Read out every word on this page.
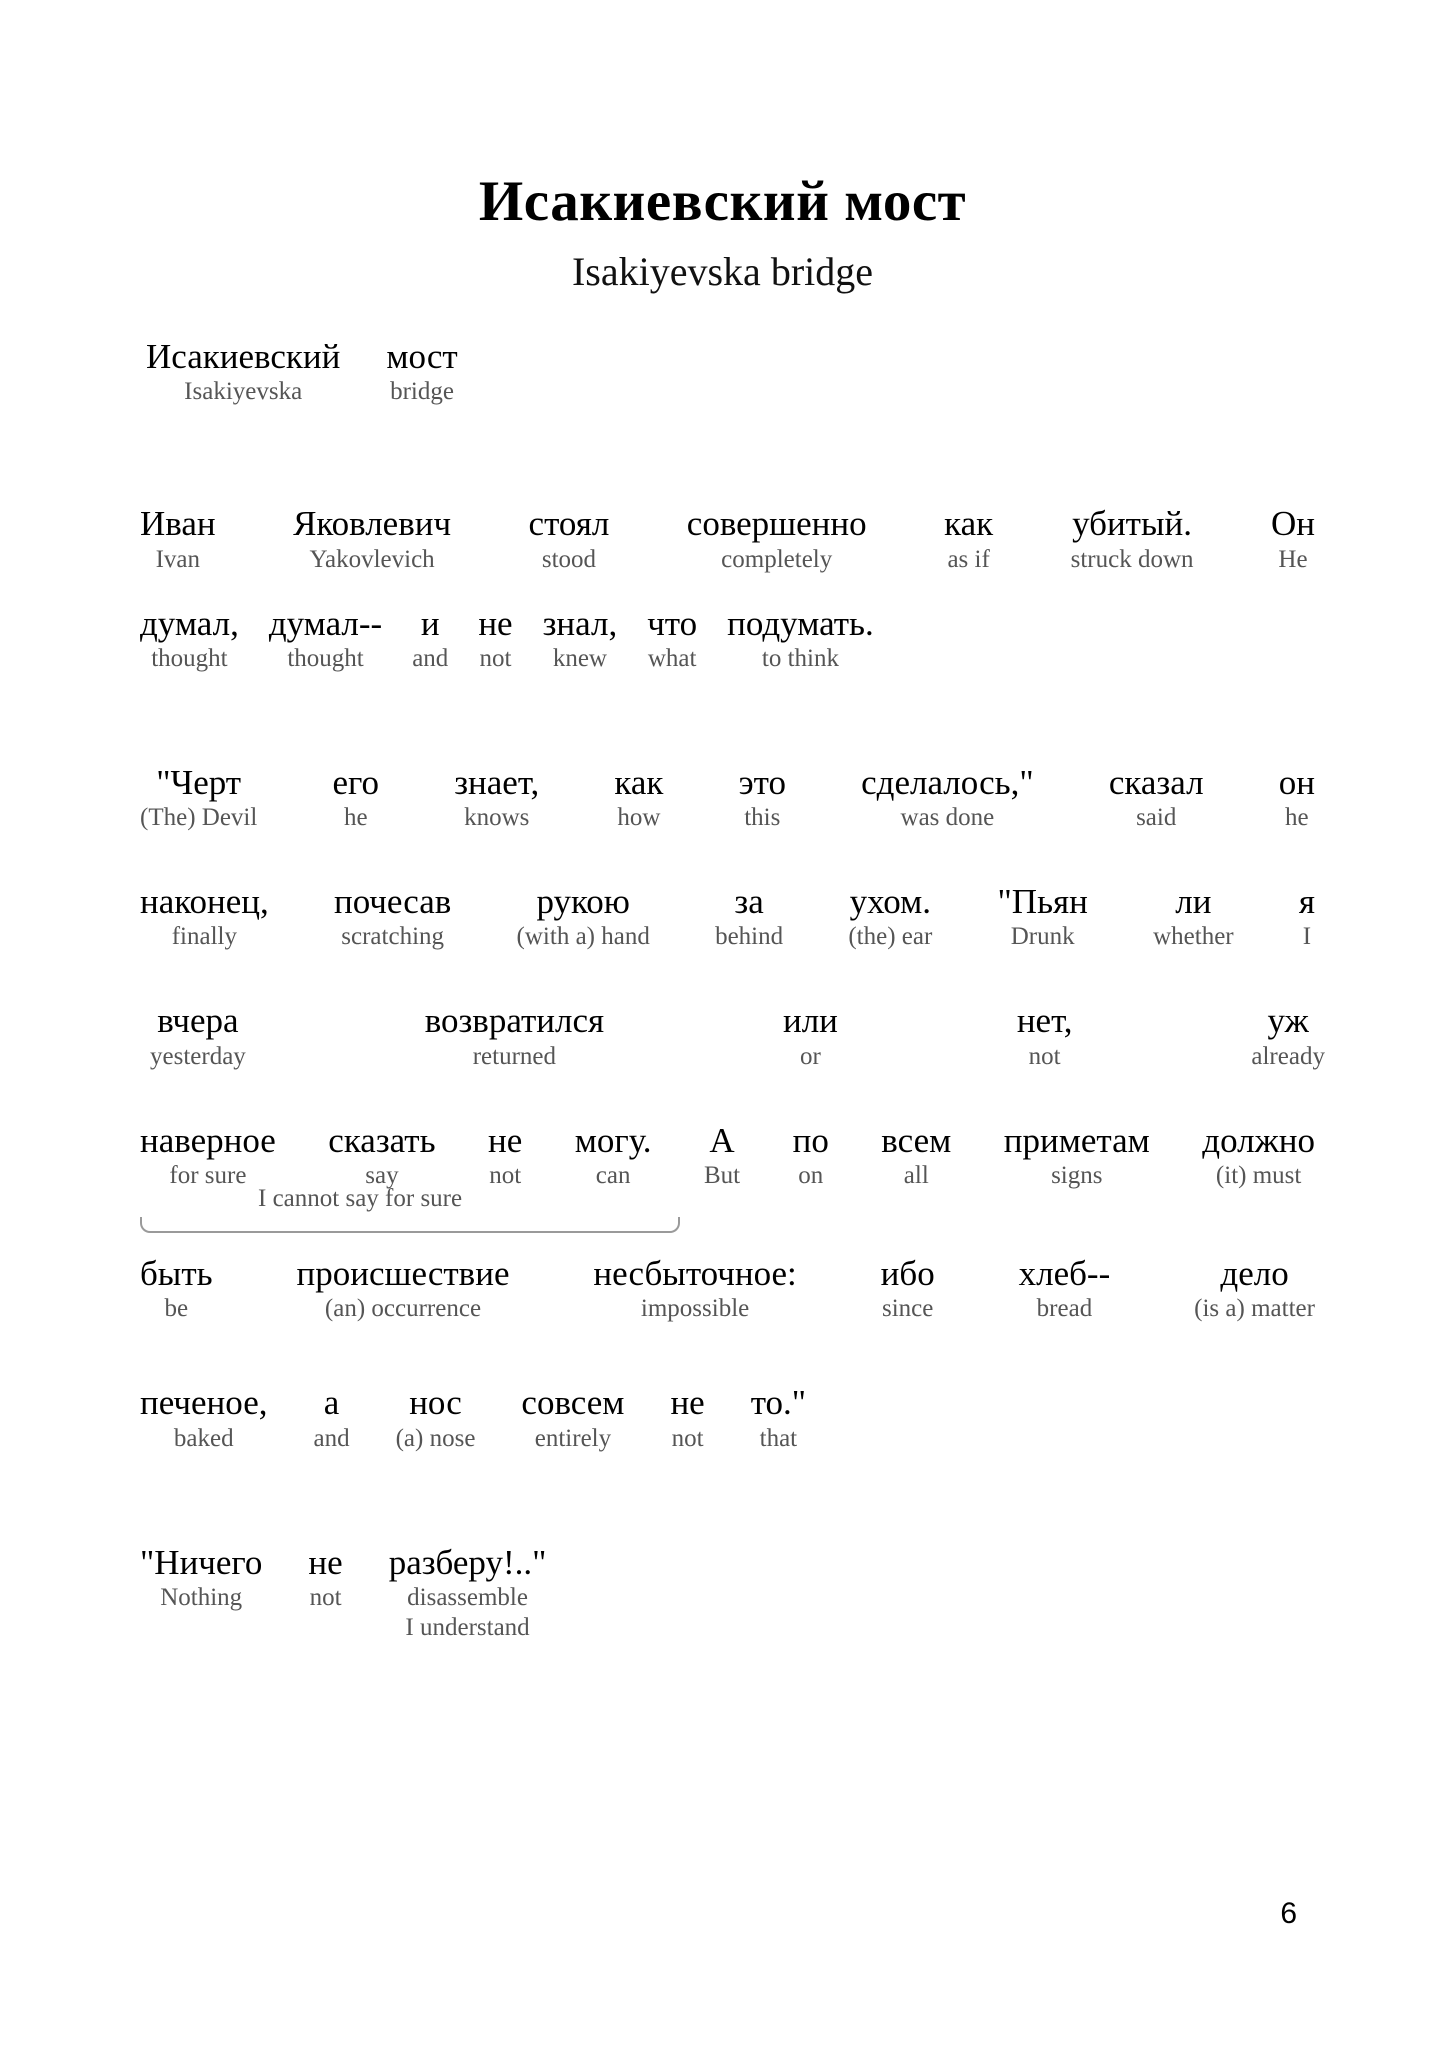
Исакиевский мост
Isakiyevska bridge
Исакиевский
Isakiyevska
мост
bridge
Иван
Ivan
Яковлевич
Yakovlevich
стоял
stood
совершенно
completely
как
as if
убитый.
struck down
Он
He
думал,
thought
думал--
thought
и
and
не
not
знал,
knew
что
what
подумать.
to think
"Черт
(The) Devil
его
he
знает,
knows
как
how
это
this
сделалось,"
was done
сказал
said
он
he
наконец,
finally
почесав
scratching
рукою
(with a) hand
за
behind
ухом.
(the) ear
"Пьян
Drunk
ли
whether
я
I
вчера
yesterday
возвратился
returned
или
or
нет,
not
уж
already
наверное
for sure
сказать
say
не
not
могу.
can
А
But
по
on
всем
all
приметам
signs
должно
(it) must
I cannot say for sure
быть
be
происшествие
(an) occurrence
несбыточное:
impossible
ибо
since
хлеб--
bread
дело
(is a) matter
печеное,
baked
а
and
нос
(a) nose
совсем
entirely
не
not
то."
that
"Ничего
Nothing
не
not
разберу!.."
disassemble
I understand
6
